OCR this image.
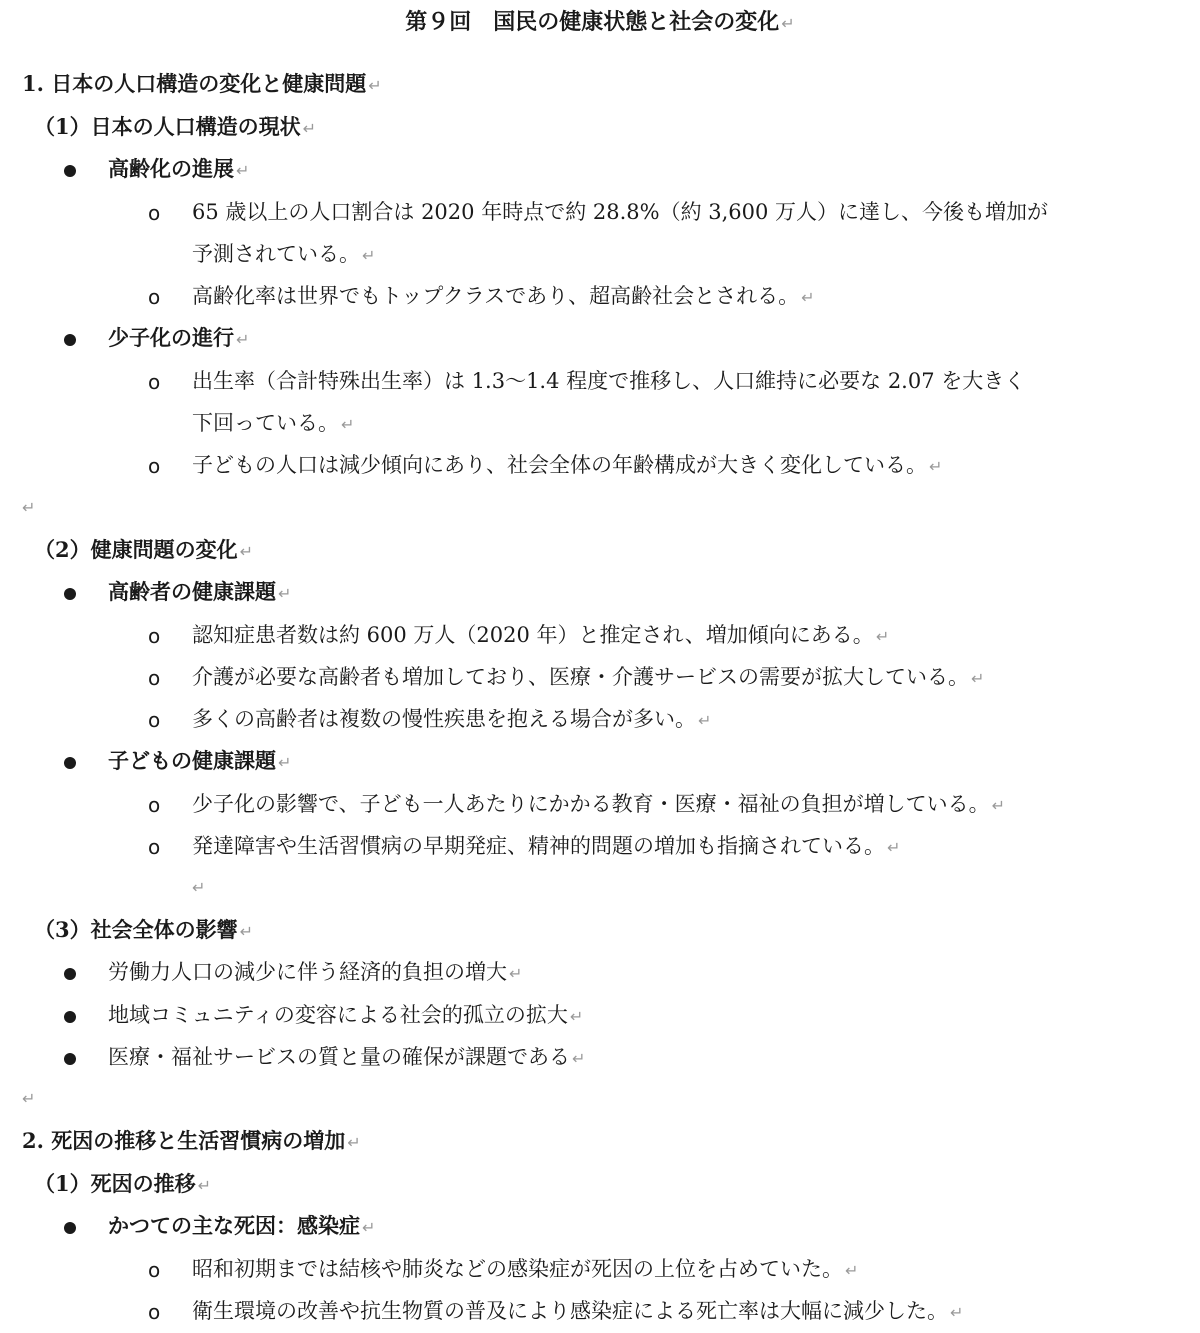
第９回　国民の健康状態と社会の変化 ↵
1. 日本の人口構造の変化と健康問題 ↵
（1）日本の人口構造の現状 ↵
高齢化の進展 ↵
o 65 歳以上の人口割合は 2020 年時点で約 28.8%（約 3,600 万人）に達し、今後も増加が
予測されている。 ↵
o 高齢化率は世界でもトップクラスであり、超高齢社会とされる。 ↵
少子化の進行 ↵
o 出生率（合計特殊出生率）は 1.3〜1.4 程度で推移し、人口維持に必要な 2.07 を大きく
下回っている。 ↵
o 子どもの人口は減少傾向にあり、社会全体の年齢構成が大きく変化している。 ↵
↵
（2）健康問題の変化 ↵
高齢者の健康課題 ↵
o 認知症患者数は約 600 万人（2020 年）と推定され、増加傾向にある。 ↵
o 介護が必要な高齢者も増加しており、医療・介護サービスの需要が拡大している。 ↵
o 多くの高齢者は複数の慢性疾患を抱える場合が多い。 ↵
子どもの健康課題 ↵
o 少子化の影響で、子ども一人あたりにかかる教育・医療・福祉の負担が増している。 ↵
o 発達障害や生活習慣病の早期発症、精神的問題の増加も指摘されている。 ↵
↵
（3）社会全体の影響 ↵
労働力人口の減少に伴う経済的負担の増大 ↵
地域コミュニティの変容による社会的孤立の拡大 ↵
医療・福祉サービスの質と量の確保が課題である ↵
↵
2. 死因の推移と生活習慣病の増加 ↵
（1）死因の推移 ↵
かつての主な死因：感染症 ↵
o 昭和初期までは結核や肺炎などの感染症が死因の上位を占めていた。 ↵
o 衛生環境の改善や抗生物質の普及により感染症による死亡率は大幅に減少した。 ↵
